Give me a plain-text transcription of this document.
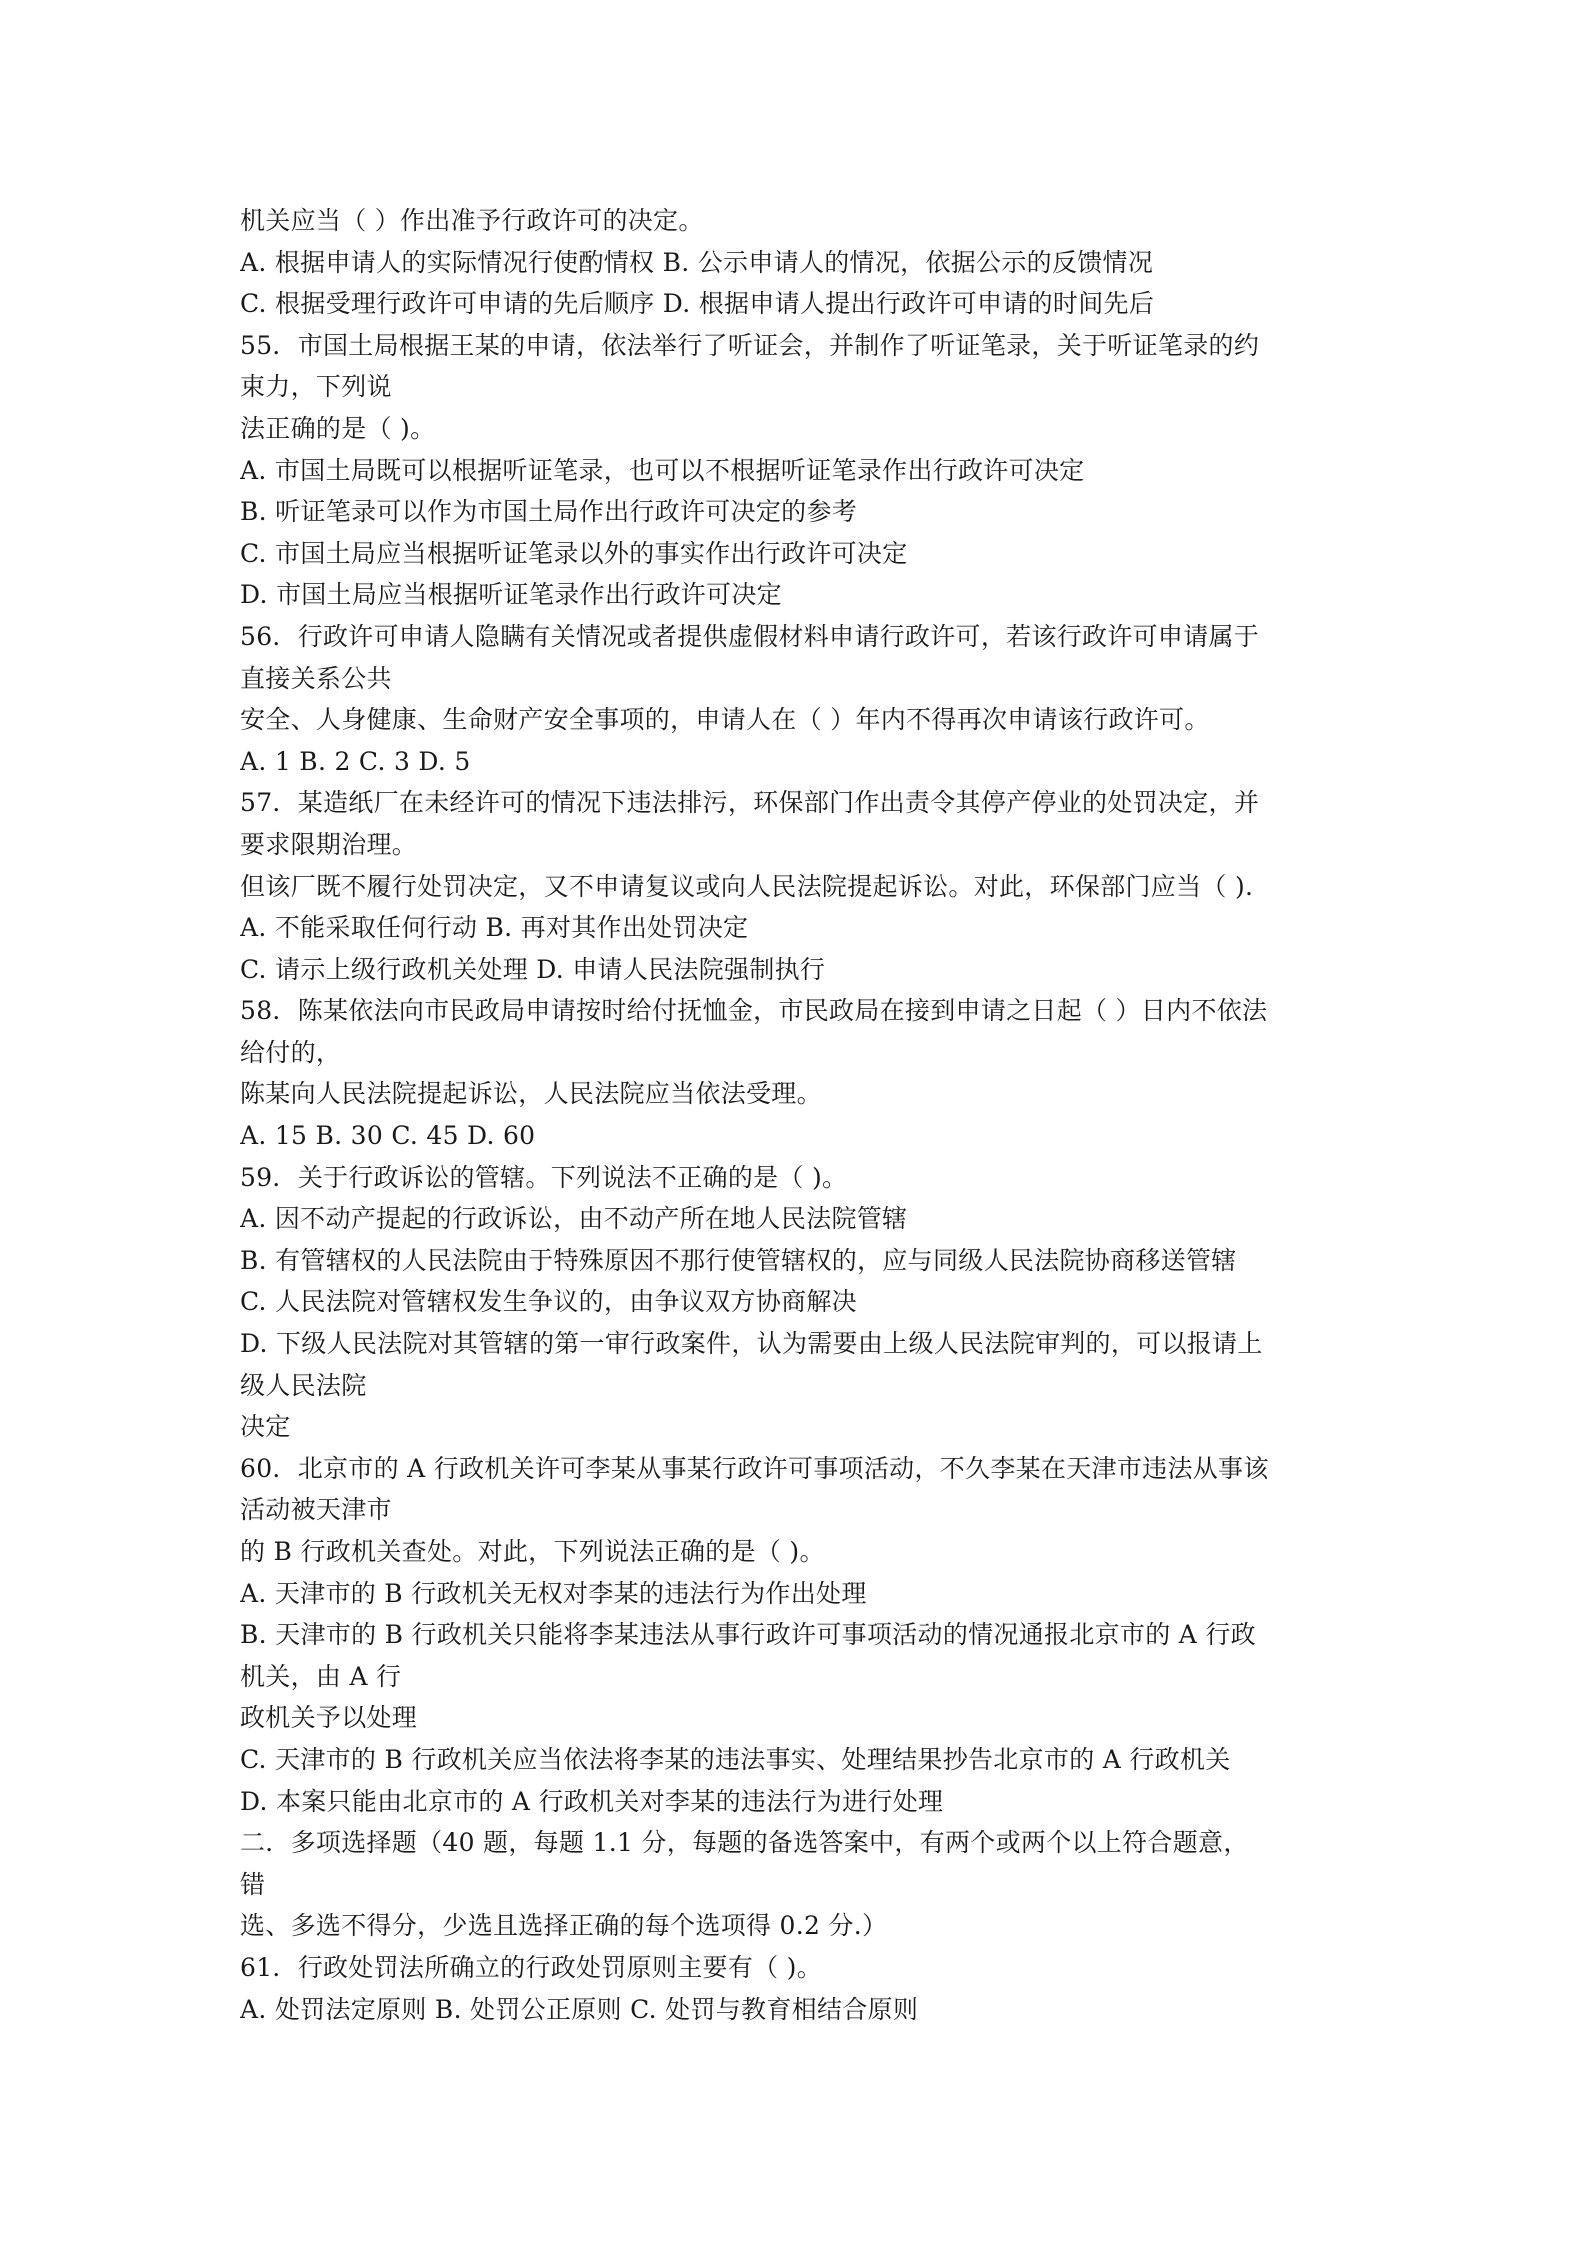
机关应当（ ）作出准予行政许可的决定。
A. 根据申请人的实际情况行使酌情权 B. 公示申请人的情况，依据公示的反馈情况
C. 根据受理行政许可申请的先后顺序 D. 根据申请人提出行政许可申请的时间先后
55．市国土局根据王某的申请，依法举行了听证会，并制作了听证笔录，关于听证笔录的约
束力，下列说
法正确的是（ )。
A. 市国土局既可以根据听证笔录，也可以不根据听证笔录作出行政许可决定
B. 听证笔录可以作为市国土局作出行政许可决定的参考
C. 市国土局应当根据听证笔录以外的事实作出行政许可决定
D. 市国土局应当根据听证笔录作出行政许可决定
56．行政许可申请人隐瞒有关情况或者提供虚假材料申请行政许可，若该行政许可申请属于
直接关系公共
安全、人身健康、生命财产安全事项的，申请人在（ ）年内不得再次申请该行政许可。
A. 1 B. 2 C. 3 D. 5
57．某造纸厂在未经许可的情况下违法排污，环保部门作出责令其停产停业的处罚决定，并
要求限期治理。
但该厂既不履行处罚决定，又不申请复议或向人民法院提起诉讼。对此，环保部门应当（ ).
A. 不能采取任何行动 B. 再对其作出处罚决定
C. 请示上级行政机关处理 D. 申请人民法院强制执行
58．陈某依法向市民政局申请按时给付抚恤金，市民政局在接到申请之日起（ ）日内不依法
给付的，
陈某向人民法院提起诉讼，人民法院应当依法受理。
A. 15 B. 30 C. 45 D. 60
59．关于行政诉讼的管辖。下列说法不正确的是（ )。
A. 因不动产提起的行政诉讼，由不动产所在地人民法院管辖
B. 有管辖权的人民法院由于特殊原因不那行使管辖权的，应与同级人民法院协商移送管辖
C. 人民法院对管辖权发生争议的，由争议双方协商解决
D. 下级人民法院对其管辖的第一审行政案件，认为需要由上级人民法院审判的，可以报请上
级人民法院
决定
60．北京市的 A 行政机关许可李某从事某行政许可事项活动，不久李某在天津市违法从事该
活动被天津市
的 B 行政机关查处。对此，下列说法正确的是（ )。
A. 天津市的 B 行政机关无权对李某的违法行为作出处理
B. 天津市的 B 行政机关只能将李某违法从事行政许可事项活动的情况通报北京市的 A 行政
机关，由 A 行
政机关予以处理
C. 天津市的 B 行政机关应当依法将李某的违法事实、处理结果抄告北京市的 A 行政机关
D. 本案只能由北京市的 A 行政机关对李某的违法行为进行处理
二．多项选择题（40 题，每题 1.1 分，每题的备选答案中，有两个或两个以上符合题意，
错
选、多选不得分，少选且选择正确的每个选项得 0.2 分.）
61．行政处罚法所确立的行政处罚原则主要有（ )。
A. 处罚法定原则 B. 处罚公正原则 C. 处罚与教育相结合原则
